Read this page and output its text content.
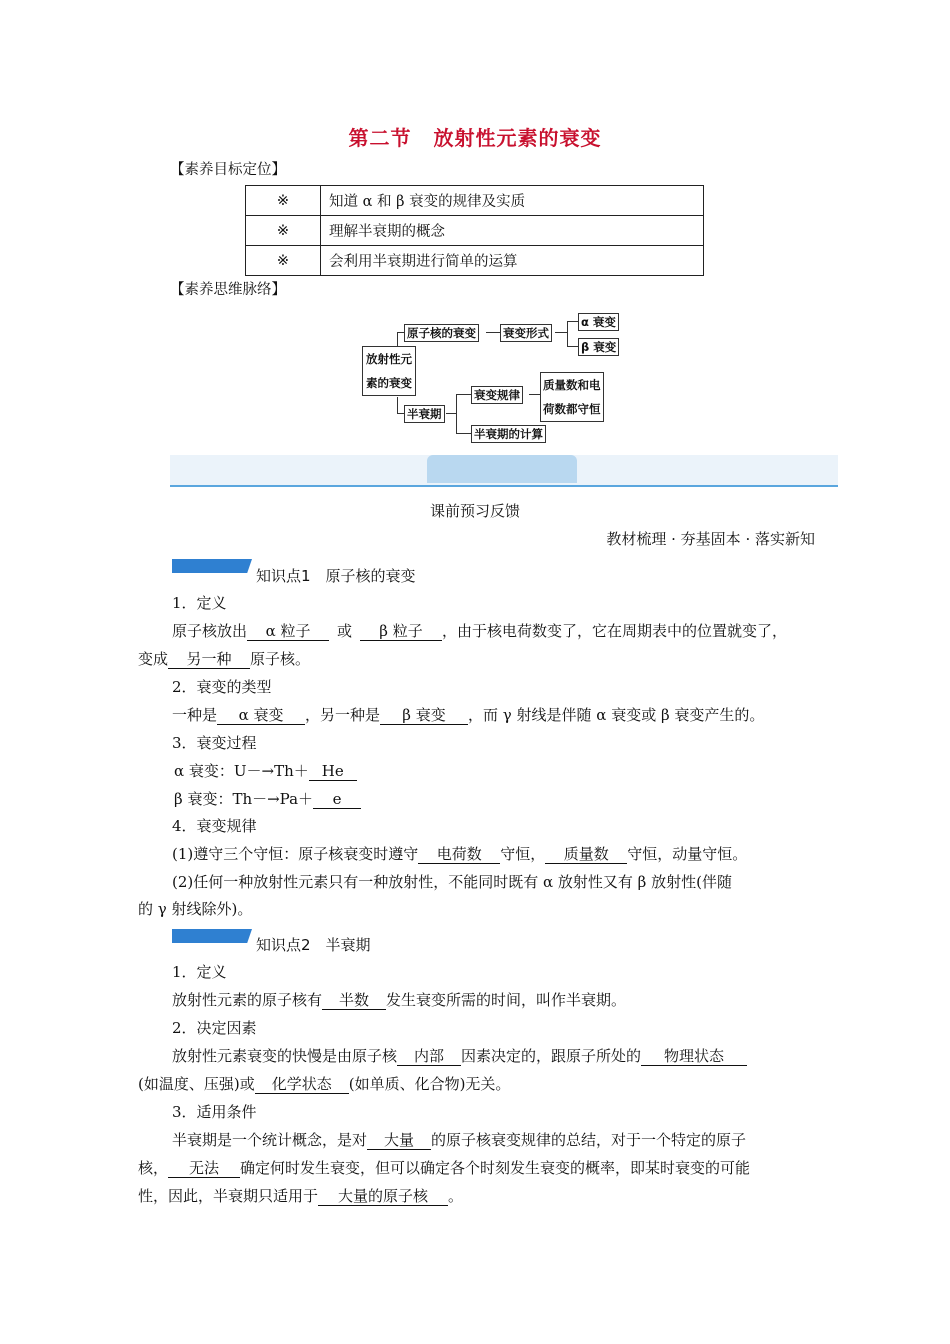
第二节 放射性元素的衰变
【素养目标定位】
※	知道 α 和 β 衰变的规律及实质
※	理解半衰期的概念
※	会利用半衰期进行简单的运算
【素养思维脉络】
放射性元
素的衰变
原子核的衰变 衰变形式
α 衰变
β 衰变
半衰期
衰变规律
质量数和电
荷数都守恒
半衰期的计算
课前预习反馈
教材梳理 · 夯基固本 · 落实新知
知识点1　原子核的衰变
1．定义
原子核放出 α 粒子 或 β 粒子 ，由于核电荷数变了，它在周期表中的位置就变了，
变成 另一种 原子核。
2．衰变的类型
一种是 α 衰变 ，另一种是 β 衰变 ，而 γ 射线是伴随 α 衰变或 β 衰变产生的。
3．衰变过程
α 衰变：U－→Th＋ He
β 衰变：Th－→Pa＋ e
4．衰变规律
(1)遵守三个守恒：原子核衰变时遵守 电荷数 守恒， 质量数 守恒，动量守恒。
(2)任何一种放射性元素只有一种放射性，不能同时既有 α 放射性又有 β 放射性(伴随
的 γ 射线除外)。
知识点2　半衰期
1．定义
放射性元素的原子核有 半数 发生衰变所需的时间，叫作半衰期。
2．决定因素
放射性元素衰变的快慢是由原子核 内部 因素决定的，跟原子所处的 物理状态
(如温度、压强)或 化学状态 (如单质、化合物)无关。
3．适用条件
半衰期是一个统计概念，是对 大量 的原子核衰变规律的总结，对于一个特定的原子
核， 无法 确定何时发生衰变，但可以确定各个时刻发生衰变的概率，即某时衰变的可能
性，因此，半衰期只适用于 大量的原子核 。
